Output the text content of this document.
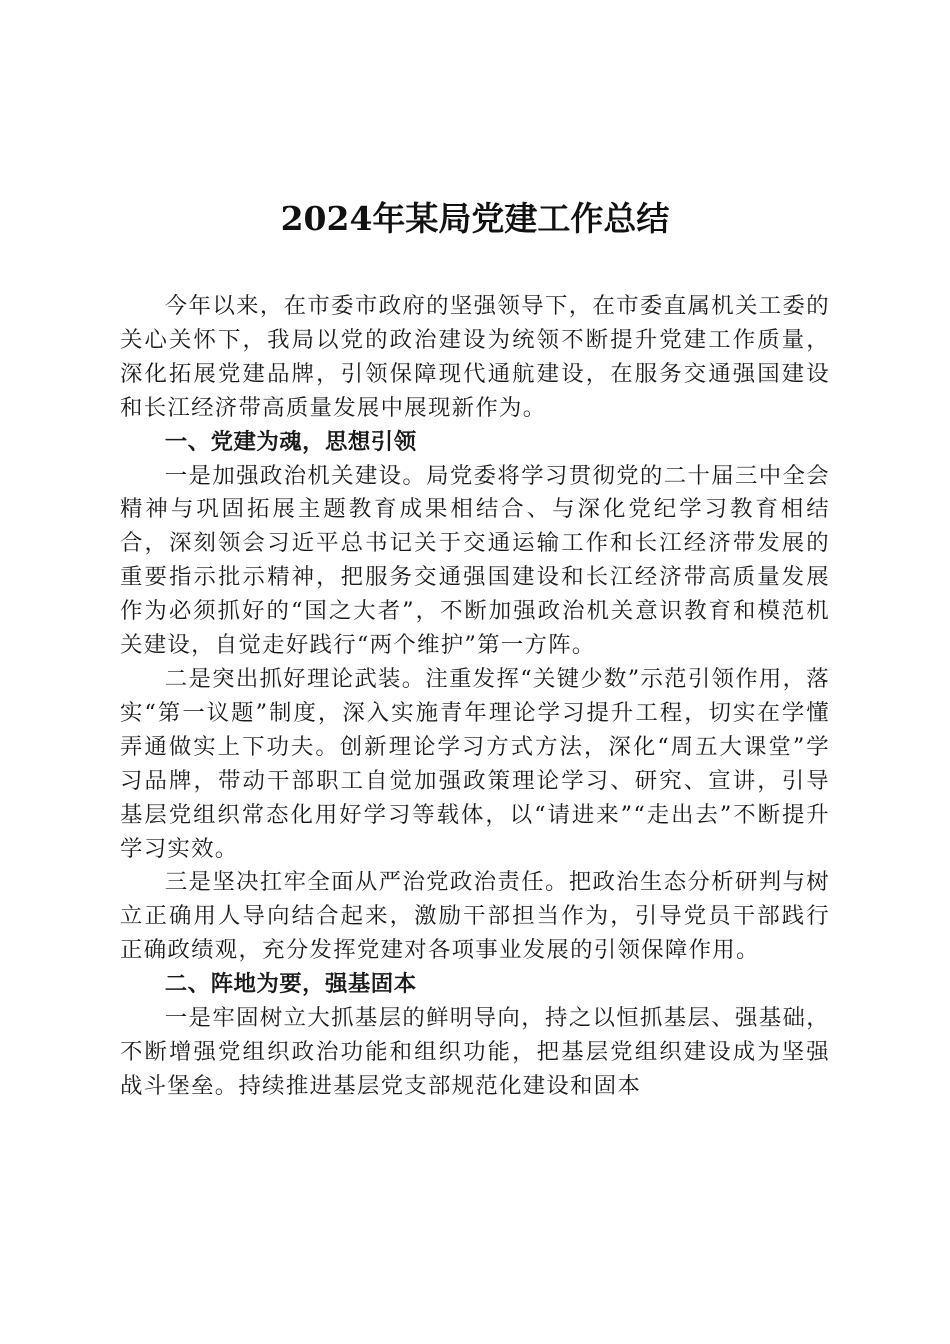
2024年某局党建工作总结

今年以来，在市委市政府的坚强领导下，在市委直属机关工委的关心关怀下，我局以党的政治建设为统领不断提升党建工作质量，深化拓展党建品牌，引领保障现代通航建设，在服务交通强国建设和长江经济带高质量发展中展现新作为。

一、党建为魂，思想引领

一是加强政治机关建设。局党委将学习贯彻党的二十届三中全会精神与巩固拓展主题教育成果相结合、与深化党纪学习教育相结合，深刻领会习近平总书记关于交通运输工作和长江经济带发展的重要指示批示精神，把服务交通强国建设和长江经济带高质量发展作为必须抓好的“国之大者”，不断加强政治机关意识教育和模范机关建设，自觉走好践行“两个维护”第一方阵。

二是突出抓好理论武装。注重发挥“关键少数”示范引领作用，落实“第一议题”制度，深入实施青年理论学习提升工程，切实在学懂弄通做实上下功夫。创新理论学习方式方法，深化“周五大课堂”学习品牌，带动干部职工自觉加强政策理论学习、研究、宣讲，引导基层党组织常态化用好学习等载体，以“请进来”“走出去”不断提升学习实效。

三是坚决扛牢全面从严治党政治责任。把政治生态分析研判与树立正确用人导向结合起来，激励干部担当作为，引导党员干部践行正确政绩观，充分发挥党建对各项事业发展的引领保障作用。

二、阵地为要，强基固本

一是牢固树立大抓基层的鲜明导向，持之以恒抓基层、强基础，不断增强党组织政治功能和组织功能，把基层党组织建设成为坚强战斗堡垒。持续推进基层党支部规范化建设和固本
